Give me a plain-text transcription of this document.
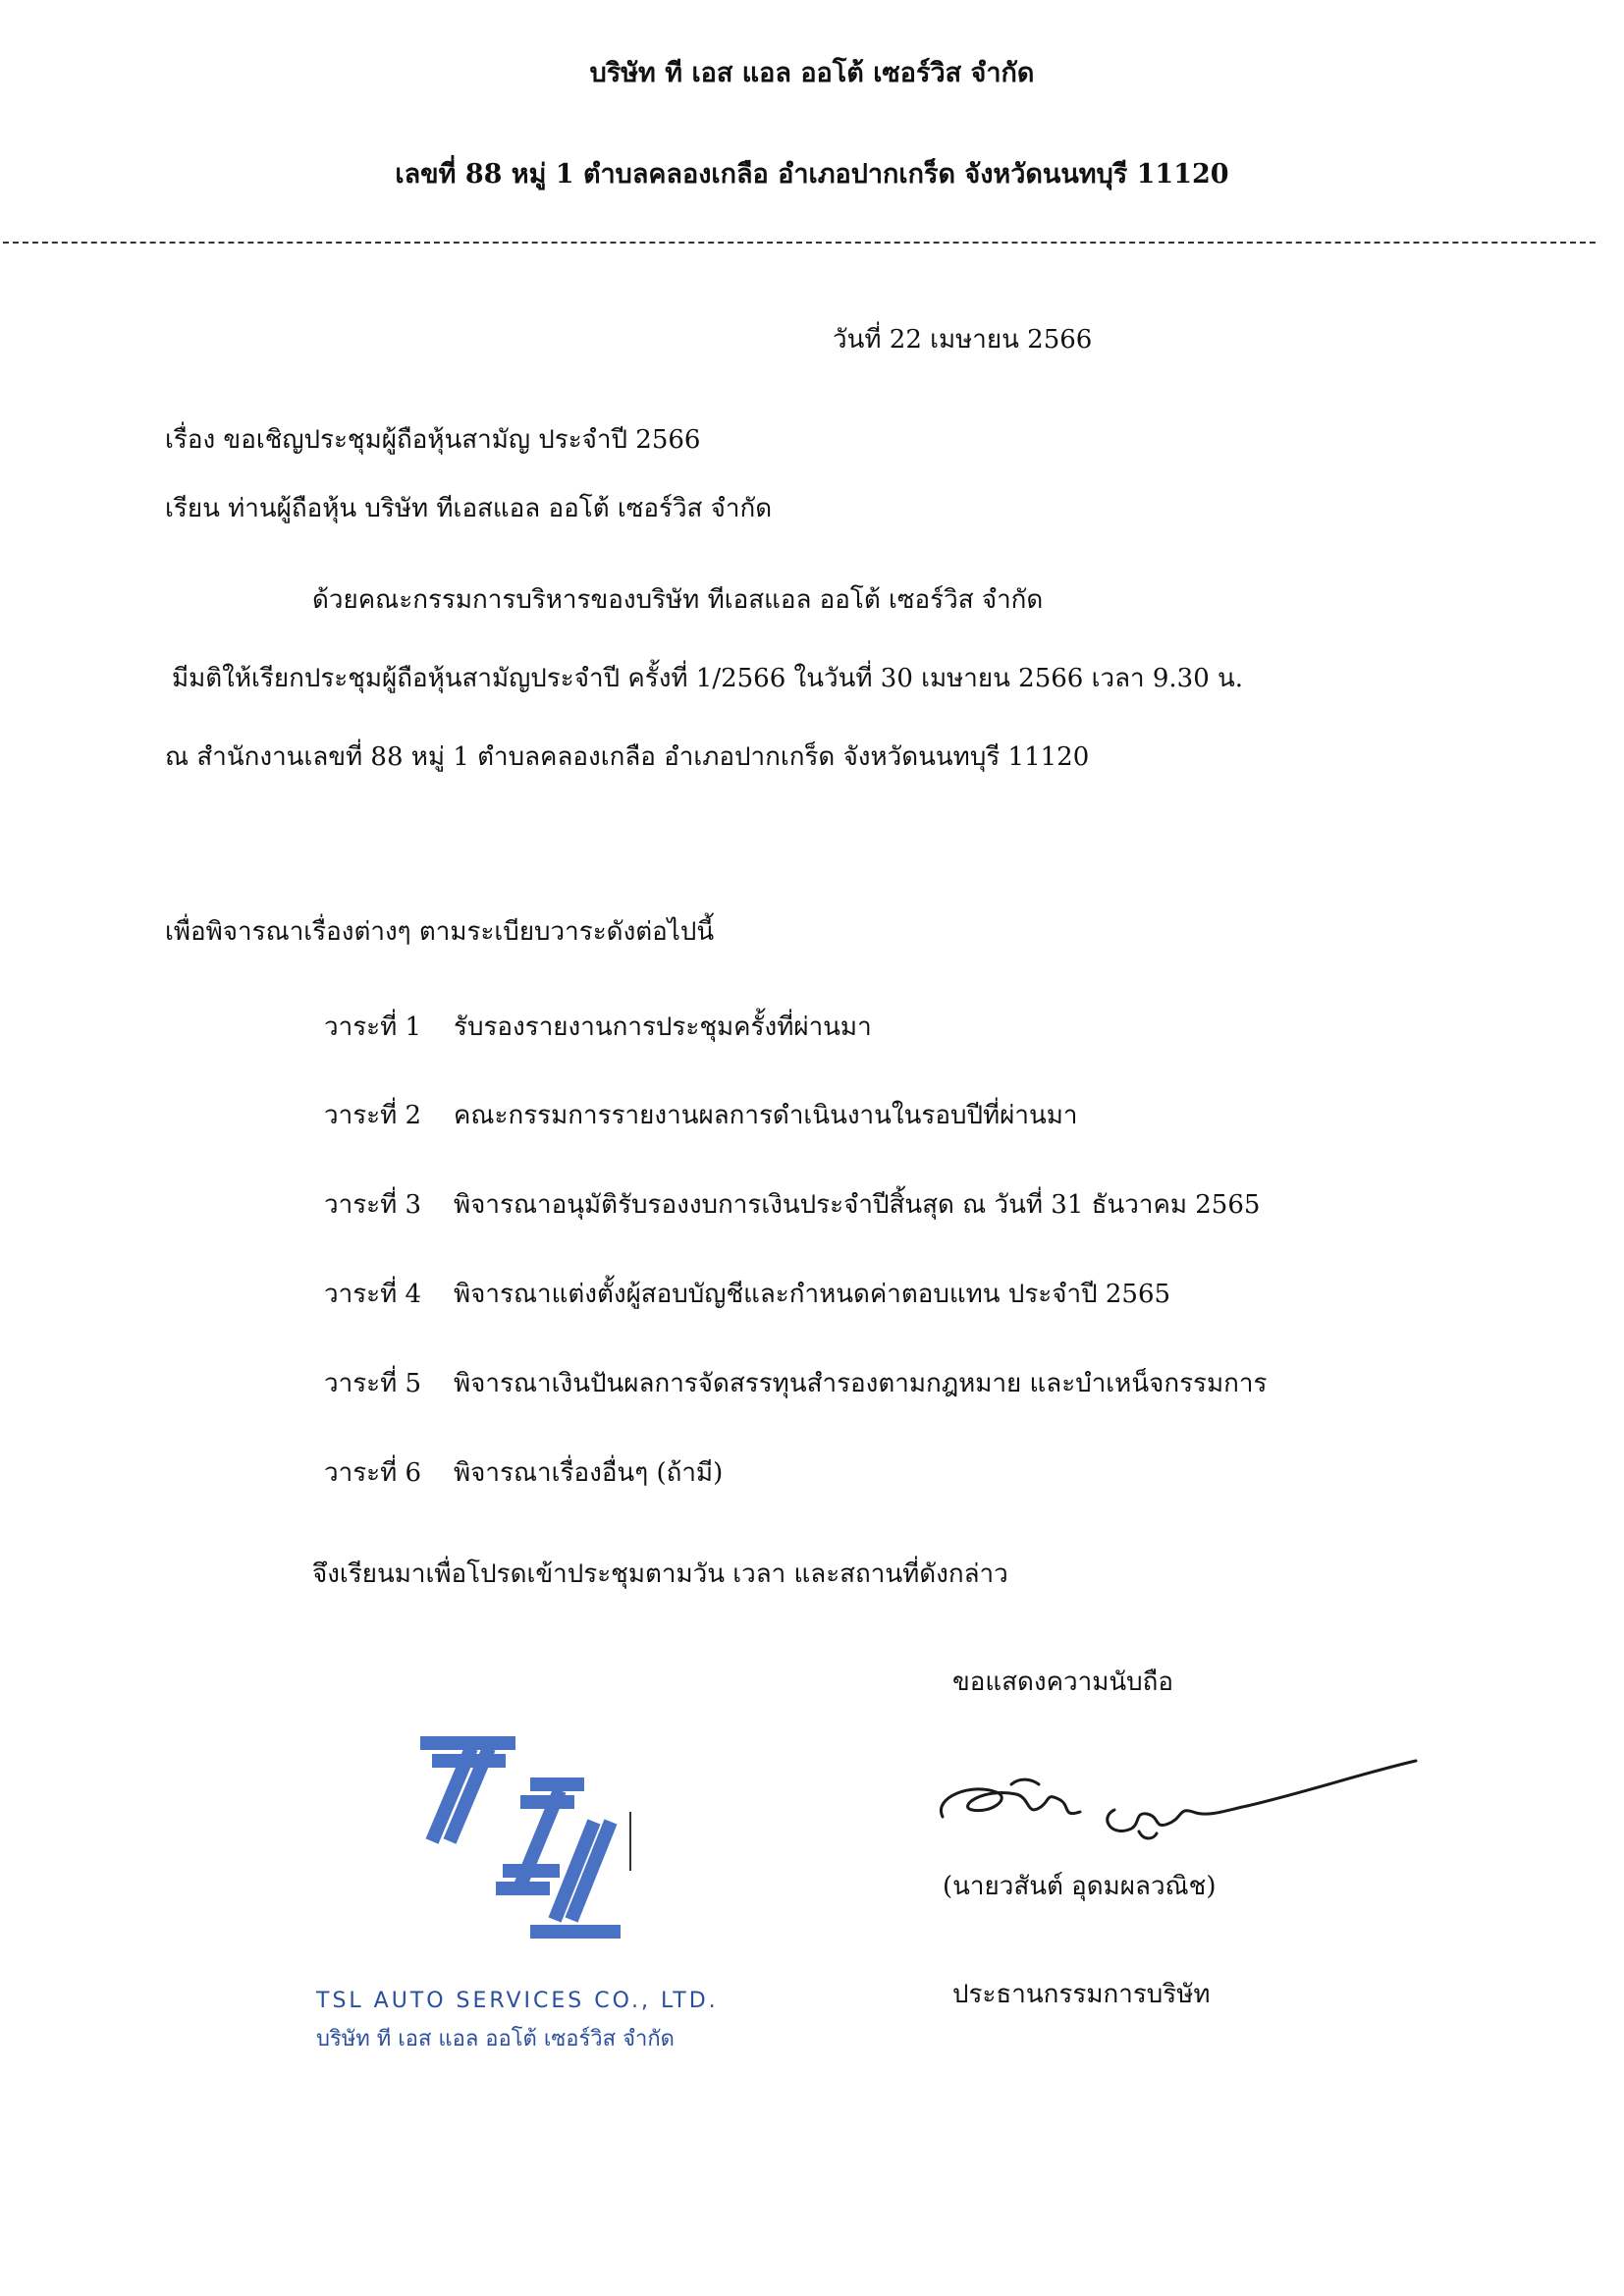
บริษัท ที เอส แอล ออโต้ เซอร์วิส จำกัด
เลขที่ 88 หมู่ 1 ตำบลคลองเกลือ อำเภอปากเกร็ด จังหวัดนนทบุรี 11120
วันที่ 22 เมษายน 2566
เรื่อง ขอเชิญประชุมผู้ถือหุ้นสามัญ ประจำปี 2566
เรียน ท่านผู้ถือหุ้น บริษัท ทีเอสแอล ออโต้ เซอร์วิส จำกัด
ด้วยคณะกรรมการบริหารของบริษัท ทีเอสแอล ออโต้ เซอร์วิส จำกัด
มีมติให้เรียกประชุมผู้ถือหุ้นสามัญประจำปี ครั้งที่ 1/2566 ในวันที่ 30 เมษายน 2566 เวลา 9.30 น.
ณ สำนักงานเลขที่ 88 หมู่ 1 ตำบลคลองเกลือ อำเภอปากเกร็ด จังหวัดนนทบุรี 11120
เพื่อพิจารณาเรื่องต่างๆ ตามระเบียบวาระดังต่อไปนี้
วาระที่ 1 รับรองรายงานการประชุมครั้งที่ผ่านมา
วาระที่ 2 คณะกรรมการรายงานผลการดำเนินงานในรอบปีที่ผ่านมา
วาระที่ 3 พิจารณาอนุมัติรับรองงบการเงินประจำปีสิ้นสุด ณ วันที่ 31 ธันวาคม 2565
วาระที่ 4 พิจารณาแต่งตั้งผู้สอบบัญชีและกำหนดค่าตอบแทน ประจำปี 2565
วาระที่ 5 พิจารณาเงินปันผลการจัดสรรทุนสำรองตามกฎหมาย และบำเหน็จกรรมการ
วาระที่ 6 พิจารณาเรื่องอื่นๆ (ถ้ามี)
จึงเรียนมาเพื่อโปรดเข้าประชุมตามวัน เวลา และสถานที่ดังกล่าว
ขอแสดงความนับถือ
TSL AUTO SERVICES CO., LTD.
บริษัท ที เอส แอล ออโต้ เซอร์วิส จำกัด
(นายวสันต์ อุดมผลวณิช)
ประธานกรรมการบริษัท
